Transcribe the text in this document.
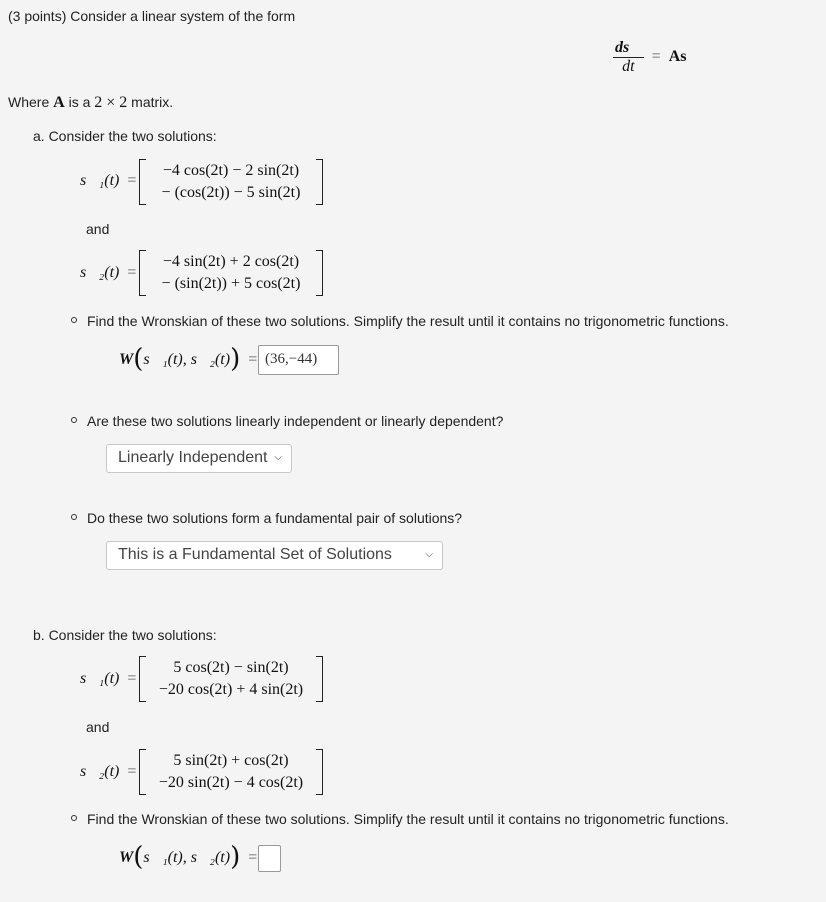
(3 points) Consider a linear system of the form
$\frac{ds⃗}{dt}$ = As⃗
Where A is a 2 × 2 matrix.
a. Consider the two solutions:
s⃗₁(t) =
−4 cos(2t) − 2 sin(2t)
− (cos(2t)) − 5 sin(2t)
and
s⃗₂(t) =
−4 sin(2t) + 2 cos(2t)
− (sin(2t)) + 5 cos(2t)
Find the Wronskian of these two solutions. Simplify the result until it contains no trigonometric functions.
W(s⃗₁(t), s⃗₂(t)) = (36,−44)
Are these two solutions linearly independent or linearly dependent?
Linearly Independent ⌵
Do these two solutions form a fundamental pair of solutions?
This is a Fundamental Set of Solutions	⌵
b. Consider the two solutions:
s⃗₁(t) =
5 cos(2t) − sin(2t)
−20 cos(2t) + 4 sin(2t)
and
s⃗₂(t) =
5 sin(2t) + cos(2t)
−20 sin(2t) − 4 cos(2t)
Find the Wronskian of these two solutions. Simplify the result until it contains no trigonometric functions.
W(s⃗₁(t), s⃗₂(t)) =
